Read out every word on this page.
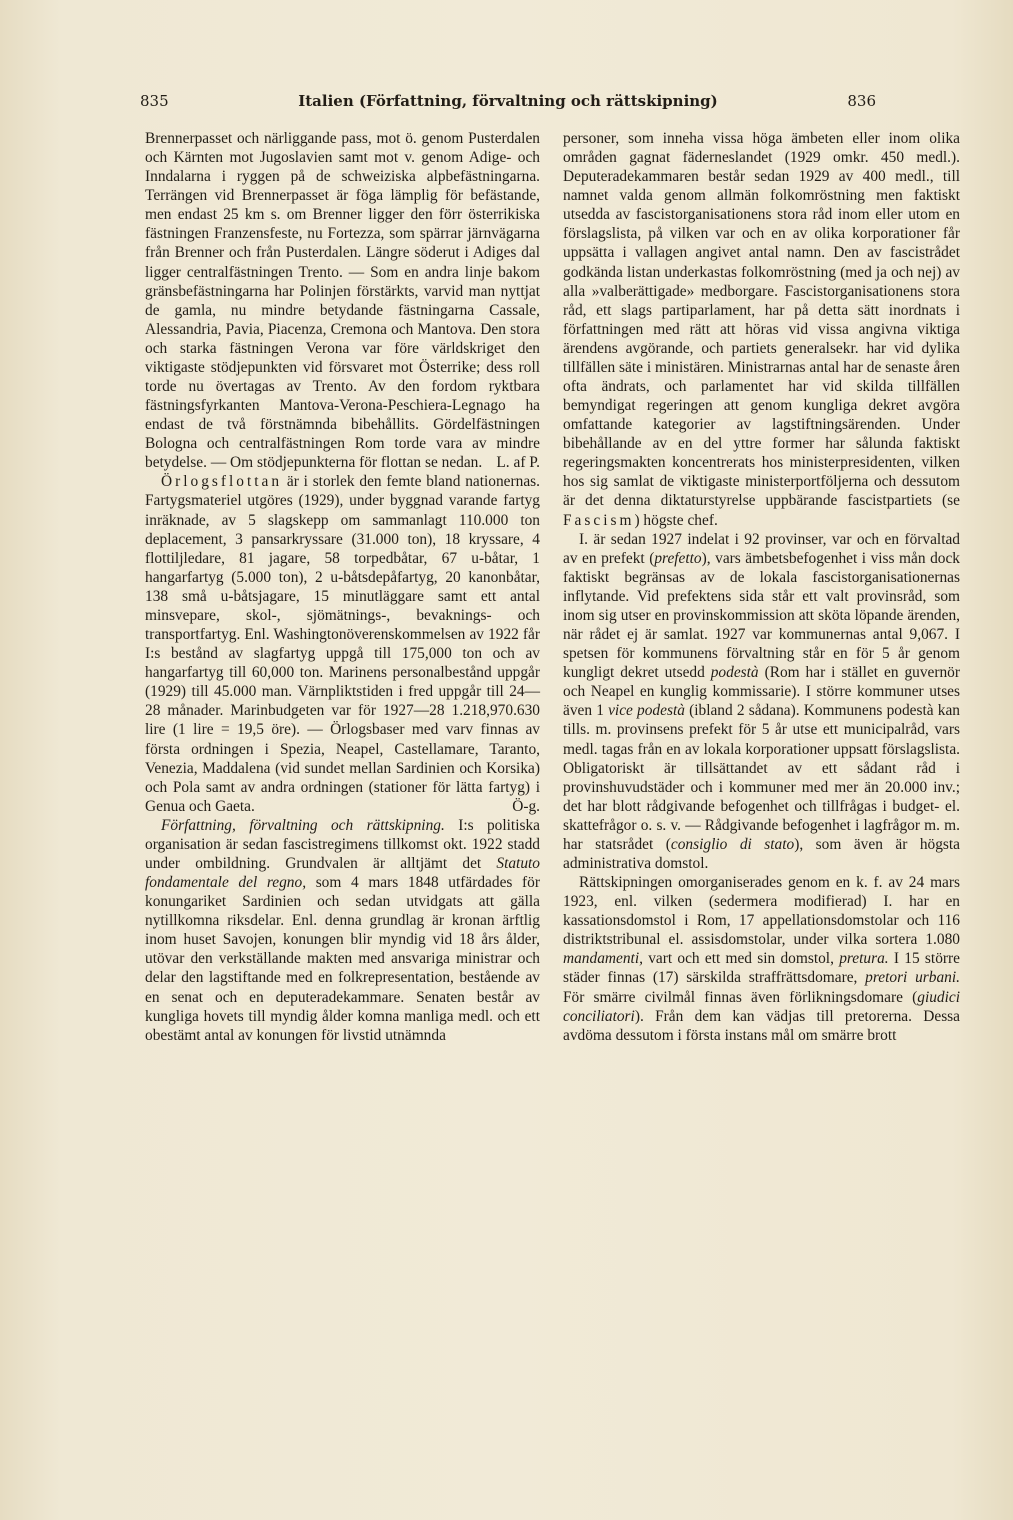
835	Italien (Författning, förvaltning och rättskipning)	836

Brennerpasset och närliggande pass, mot ö. genom Pusterdalen och Kärnten mot Jugoslavien samt mot v. genom Adige- och Inndalarna i ryggen på de schweiziska alpbefästningarna. Terrängen vid Brennerpasset är föga lämplig för befästande, men endast 25 km s. om Brenner ligger den förr österrikiska fästningen Franzensfeste, nu Fortezza, som spärrar järnvägarna från Brenner och från Pusterdalen. Längre söderut i Adiges dal ligger centralfästningen Trento. — Som en andra linje bakom gränsbefästningarna har Polinjen förstärkts, varvid man nyttjat de gamla, nu mindre betydande fästningarna Cassale, Alessandria, Pavia, Piacenza, Cremona och Mantova. Den stora och starka fästningen Verona var före världskriget den viktigaste stödjepunkten vid försvaret mot Österrike; dess roll torde nu övertagas av Trento. Av den fordom ryktbara fästningsfyrkanten Mantova-Verona-Peschiera-Legnago ha endast de två förstnämnda bibehållits. Gördelfästningen Bologna och centralfästningen Rom torde vara av mindre betydelse. — Om stödjepunkterna för flottan se nedan. L. af P.

Örlogsflottan är i storlek den femte bland nationernas. Fartygsmateriel utgöres (1929), under byggnad varande fartyg inräknade, av 5 slagskepp om sammanlagt 110.000 ton deplacement, 3 pansarkryssare (31.000 ton), 18 kryssare, 4 flottiljledare, 81 jagare, 58 torpedbåtar, 67 u-båtar, 1 hangarfartyg (5.000 ton), 2 u-båtsdepåfartyg, 20 kanonbåtar, 138 små u-båtsjagare, 15 minutläggare samt ett antal minsvepare, skol-, sjömätnings-, bevaknings- och transportfartyg. Enl. Washingtonöverenskommelsen av 1922 får I:s bestånd av slagfartyg uppgå till 175,000 ton och av hangarfartyg till 60,000 ton. Marinens personalbestånd uppgår (1929) till 45.000 man. Värnpliktstiden i fred uppgår till 24—28 månader. Marinbudgeten var för 1927—28 1.218,970.630 lire (1 lire = 19,5 öre). — Örlogsbaser med varv finnas av första ordningen i Spezia, Neapel, Castellamare, Taranto, Venezia, Maddalena (vid sundet mellan Sardinien och Korsika) och Pola samt av andra ordningen (stationer för lätta fartyg) i Genua och Gaeta.	Ö-g.

Författning, förvaltning och rättskipning. I:s politiska organisation är sedan fascistregimens tillkomst okt. 1922 stadd under ombildning. Grundvalen är alltjämt det Statuto fondamentale del regno, som 4 mars 1848 utfärdades för konungariket Sardinien och sedan utvidgats att gälla nytillkomna riksdelar. Enl. denna grundlag är kronan ärftlig inom huset Savojen, konungen blir myndig vid 18 års ålder, utövar den verkställande makten med ansvariga ministrar och delar den lagstiftande med en folkrepresentation, bestående av en senat och en deputeradekammare. Senaten består av kungliga hovets till myndig ålder komna manliga medl. och ett obestämt antal av konungen för livstid utnämnda

personer, som inneha vissa höga ämbeten eller inom olika områden gagnat fäderneslandet (1929 omkr. 450 medl.). Deputeradekammaren består sedan 1929 av 400 medl., till namnet valda genom allmän folkomröstning men faktiskt utsedda av fascistorganisationens stora råd inom eller utom en förslagslista, på vilken var och en av olika korporationer får uppsätta i vallagen angivet antal namn. Den av fascistrådet godkända listan underkastas folkomröstning (med ja och nej) av alla »valberättigade» medborgare. Fascistorganisationens stora råd, ett slags partiparlament, har på detta sätt inordnats i författningen med rätt att höras vid vissa angivna viktiga ärendens avgörande, och partiets generalsekr. har vid dylika tillfällen säte i ministären. Ministrarnas antal har de senaste åren ofta ändrats, och parlamentet har vid skilda tillfällen bemyndigat regeringen att genom kungliga dekret avgöra omfattande kategorier av lagstiftningsärenden. Under bibehållande av en del yttre former har sålunda faktiskt regeringsmakten koncentrerats hos ministerpresidenten, vilken hos sig samlat de viktigaste ministerportföljerna och dessutom är det denna diktaturstyrelse uppbärande fascistpartiets (se Fascism) högste chef.

I. är sedan 1927 indelat i 92 provinser, var och en förvaltad av en prefekt (prefetto), vars ämbetsbefogenhet i viss mån dock faktiskt begränsas av de lokala fascistorganisationernas inflytande. Vid prefektens sida står ett valt provinsråd, som inom sig utser en provinskommission att sköta löpande ärenden, när rådet ej är samlat. 1927 var kommunernas antal 9,067. I spetsen för kommunens förvaltning står en för 5 år genom kungligt dekret utsedd podestà (Rom har i stället en guvernör och Neapel en kunglig kommissarie). I större kommuner utses även 1 vice podestà (ibland 2 sådana). Kommunens podestà kan tills. m. provinsens prefekt för 5 år utse ett municipalråd, vars medl. tagas från en av lokala korporationer uppsatt förslagslista. Obligatoriskt är tillsättandet av ett sådant råd i provinshuvudstäder och i kommuner med mer än 20.000 inv.; det har blott rådgivande befogenhet och tillfrågas i budget- el. skattefrågor o. s. v. — Rådgivande befogenhet i lagfrågor m. m. har statsrådet (consiglio di stato), som även är högsta administrativa domstol.

Rättskipningen omorganiserades genom en k. f. av 24 mars 1923, enl. vilken (sedermera modifierad) I. har en kassationsdomstol i Rom, 17 appellationsdomstolar och 116 distriktstribunal el. assisdomstolar, under vilka sortera 1.080 mandamenti, vart och ett med sin domstol, pretura. I 15 större städer finnas (17) särskilda straffrättsdomare, pretori urbani. För smärre civilmål finnas även förlikningsdomare (giudici conciliatori). Från dem kan vädjas till pretorerna. Dessa avdöma dessutom i första instans mål om smärre brott
